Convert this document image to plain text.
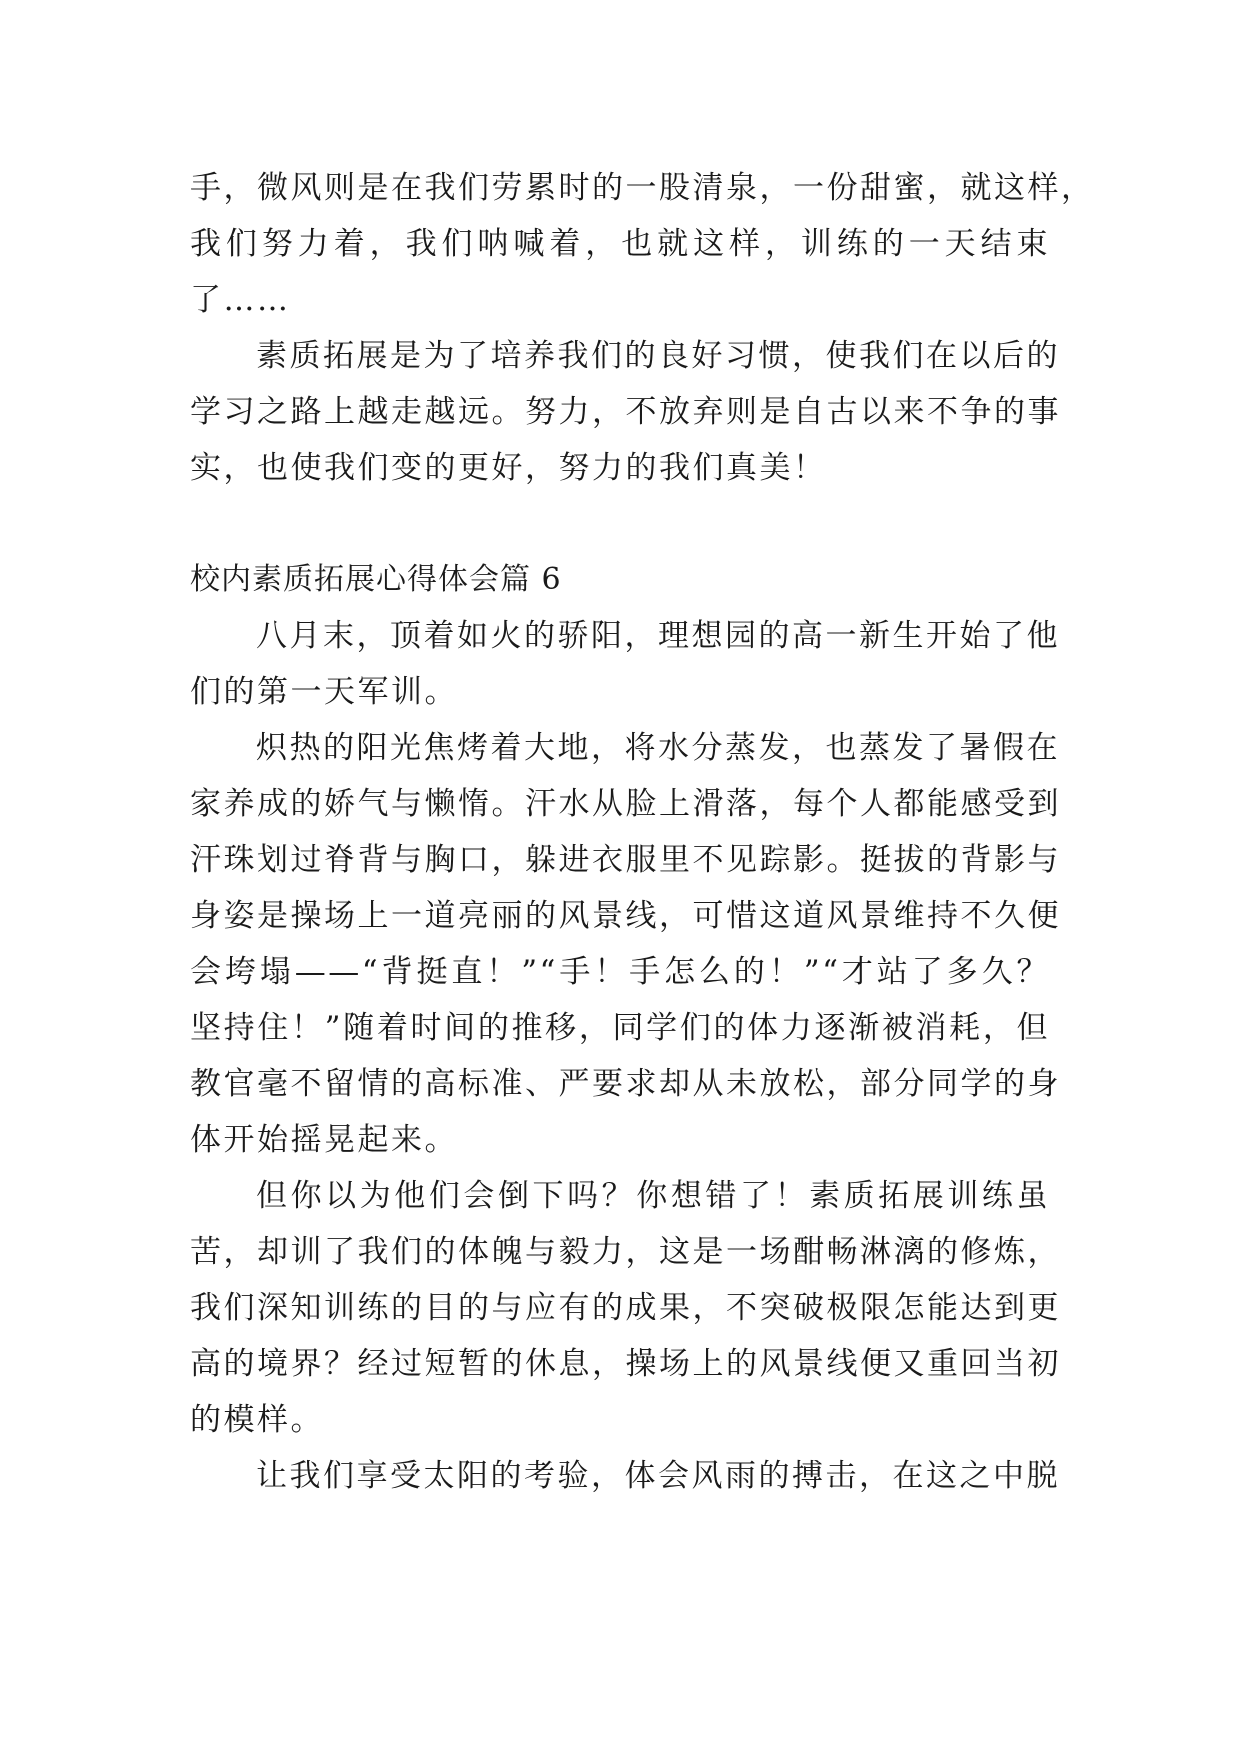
手，微风则是在我们劳累时的一股清泉，一份甜蜜，就这样，
我们努力着，我们呐喊着，也就这样，训练的一天结束
了……
素质拓展是为了培养我们的良好习惯，使我们在以后的
学习之路上越走越远。努力，不放弃则是自古以来不争的事
实，也使我们变的更好，努力的我们真美！
校内素质拓展心得体会篇 6
八月末，顶着如火的骄阳，理想园的高一新生开始了他
们的第一天军训。
炽热的阳光焦烤着大地，将水分蒸发，也蒸发了暑假在
家养成的娇气与懒惰。汗水从脸上滑落，每个人都能感受到
汗珠划过脊背与胸口，躲进衣服里不见踪影。挺拔的背影与
身姿是操场上一道亮丽的风景线，可惜这道风景维持不久便
会垮塌——“背挺直！”“手！手怎么的！”“才站了多久？
坚持住！”随着时间的推移，同学们的体力逐渐被消耗，但
教官毫不留情的高标准、严要求却从未放松，部分同学的身
体开始摇晃起来。
但你以为他们会倒下吗？你想错了！素质拓展训练虽
苦，却训了我们的体魄与毅力，这是一场酣畅淋漓的修炼，
我们深知训练的目的与应有的成果，不突破极限怎能达到更
高的境界？经过短暂的休息，操场上的风景线便又重回当初
的模样。
让我们享受太阳的考验，体会风雨的搏击，在这之中脱
